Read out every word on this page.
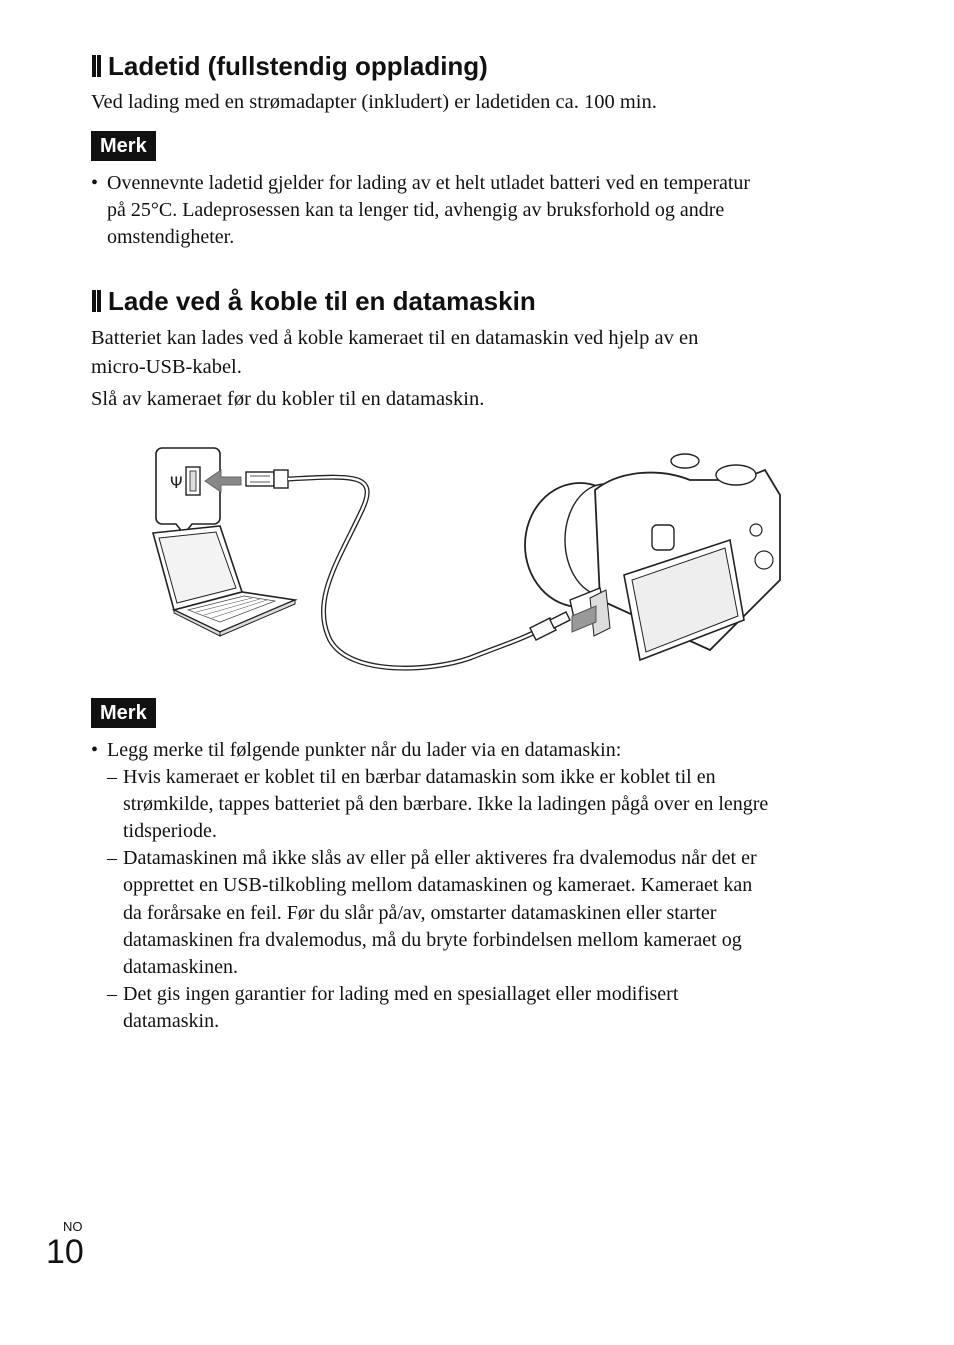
Ladetid (fullstendig opplading)
Ved lading med en strømadapter (inkludert) er ladetiden ca. 100 min.
Merk
• Ovennevnte ladetid gjelder for lading av et helt utladet batteri ved en temperatur
på 25°C. Ladeprosessen kan ta lenger tid, avhengig av bruksforhold og andre
omstendigheter.
Lade ved å koble til en datamaskin
Batteriet kan lades ved å koble kameraet til en datamaskin ved hjelp av en
micro-USB-kabel.
Slå av kameraet før du kobler til en datamaskin.
Ψ
Merk
• Legg merke til følgende punkter når du lader via en datamaskin:
– Hvis kameraet er koblet til en bærbar datamaskin som ikke er koblet til en
strømkilde, tappes batteriet på den bærbare. Ikke la ladingen pågå over en lengre
tidsperiode.
– Datamaskinen må ikke slås av eller på eller aktiveres fra dvalemodus når det er
opprettet en USB-tilkobling mellom datamaskinen og kameraet. Kameraet kan
da forårsake en feil. Før du slår på/av, omstarter datamaskinen eller starter
datamaskinen fra dvalemodus, må du bryte forbindelsen mellom kameraet og
datamaskinen.
– Det gis ingen garantier for lading med en spesiallaget eller modifisert
datamaskin.
NO
10
